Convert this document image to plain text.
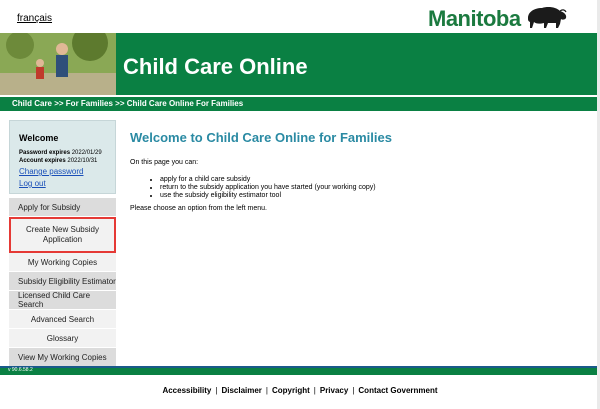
français	Manitoba
Child Care Online
Child Care >> For Families >> Child Care Online For Families
Welcome
Password expires 2022/01/29
Account expires 2022/10/31
Change password
Log out
Apply for Subsidy
Create New Subsidy Application
My Working Copies
Subsidy Eligibility Estimator
Licensed Child Care Search
Advanced Search
Glossary
View My Working Copies
Welcome to Child Care Online for Families
On this page you can:
• apply for a child care subsidy
• return to the subsidy application you have started (your working copy)
• use the subsidy eligibility estimator tool
Please choose an option from the left menu.
v 90.6.58.2
Accessibility | Disclaimer | Copyright | Privacy | Contact Government
